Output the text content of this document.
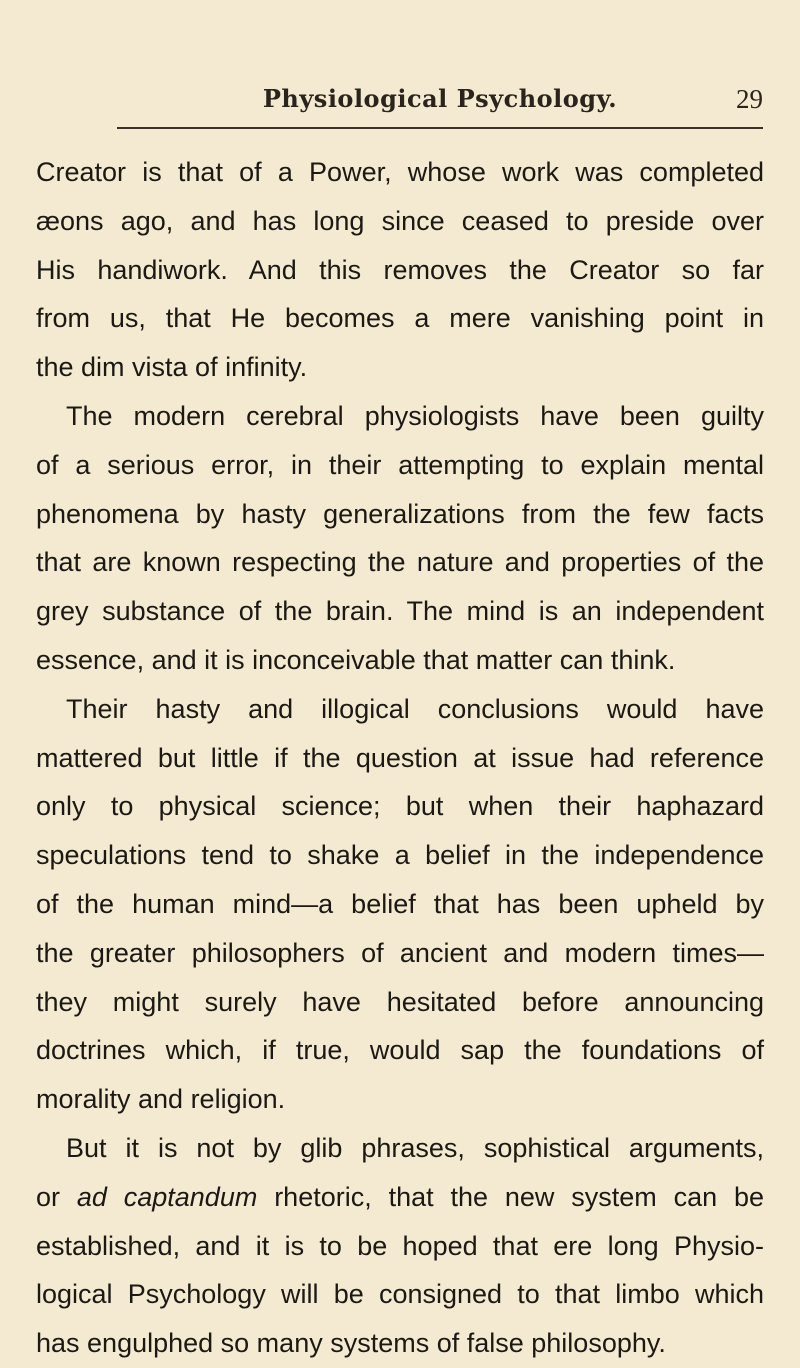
Physiological Psychology.	29
Creator is that of a Power, whose work was completed
æons ago, and has long since ceased to preside over
His handiwork. And this removes the Creator so far
from us, that He becomes a mere vanishing point in
the dim vista of infinity.
The modern cerebral physiologists have been guilty
of a serious error, in their attempting to explain mental
phenomena by hasty generalizations from the few facts
that are known respecting the nature and properties of the
grey substance of the brain. The mind is an independent
essence, and it is inconceivable that matter can think.
Their hasty and illogical conclusions would have
mattered but little if the question at issue had reference
only to physical science; but when their haphazard
speculations tend to shake a belief in the independence
of the human mind—a belief that has been upheld by
the greater philosophers of ancient and modern times—
they might surely have hesitated before announcing
doctrines which, if true, would sap the foundations of
morality and religion.
But it is not by glib phrases, sophistical arguments,
or ad captandum rhetoric, that the new system can be
established, and it is to be hoped that ere long Physio-
logical Psychology will be consigned to that limbo which
has engulphed so many systems of false philosophy.
